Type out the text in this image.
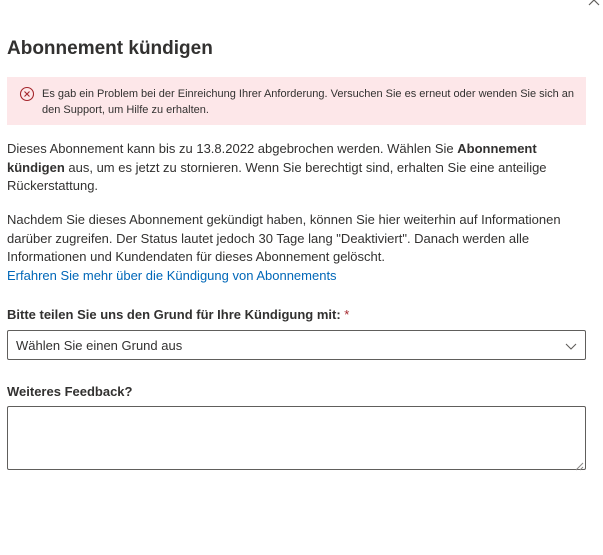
Abonnement kündigen
Es gab ein Problem bei der Einreichung Ihrer Anforderung. Versuchen Sie es erneut oder wenden Sie sich an den Support, um Hilfe zu erhalten.
Dieses Abonnement kann bis zu 13.8.2022 abgebrochen werden. Wählen Sie Abonnement kündigen aus, um es jetzt zu stornieren. Wenn Sie berechtigt sind, erhalten Sie eine anteilige Rückerstattung.
Nachdem Sie dieses Abonnement gekündigt haben, können Sie hier weiterhin auf Informationen darüber zugreifen. Der Status lautet jedoch 30 Tage lang "Deaktiviert". Danach werden alle Informationen und Kundendaten für dieses Abonnement gelöscht.
Erfahren Sie mehr über die Kündigung von Abonnements
Bitte teilen Sie uns den Grund für Ihre Kündigung mit: *
Wählen Sie einen Grund aus
Weiteres Feedback?
